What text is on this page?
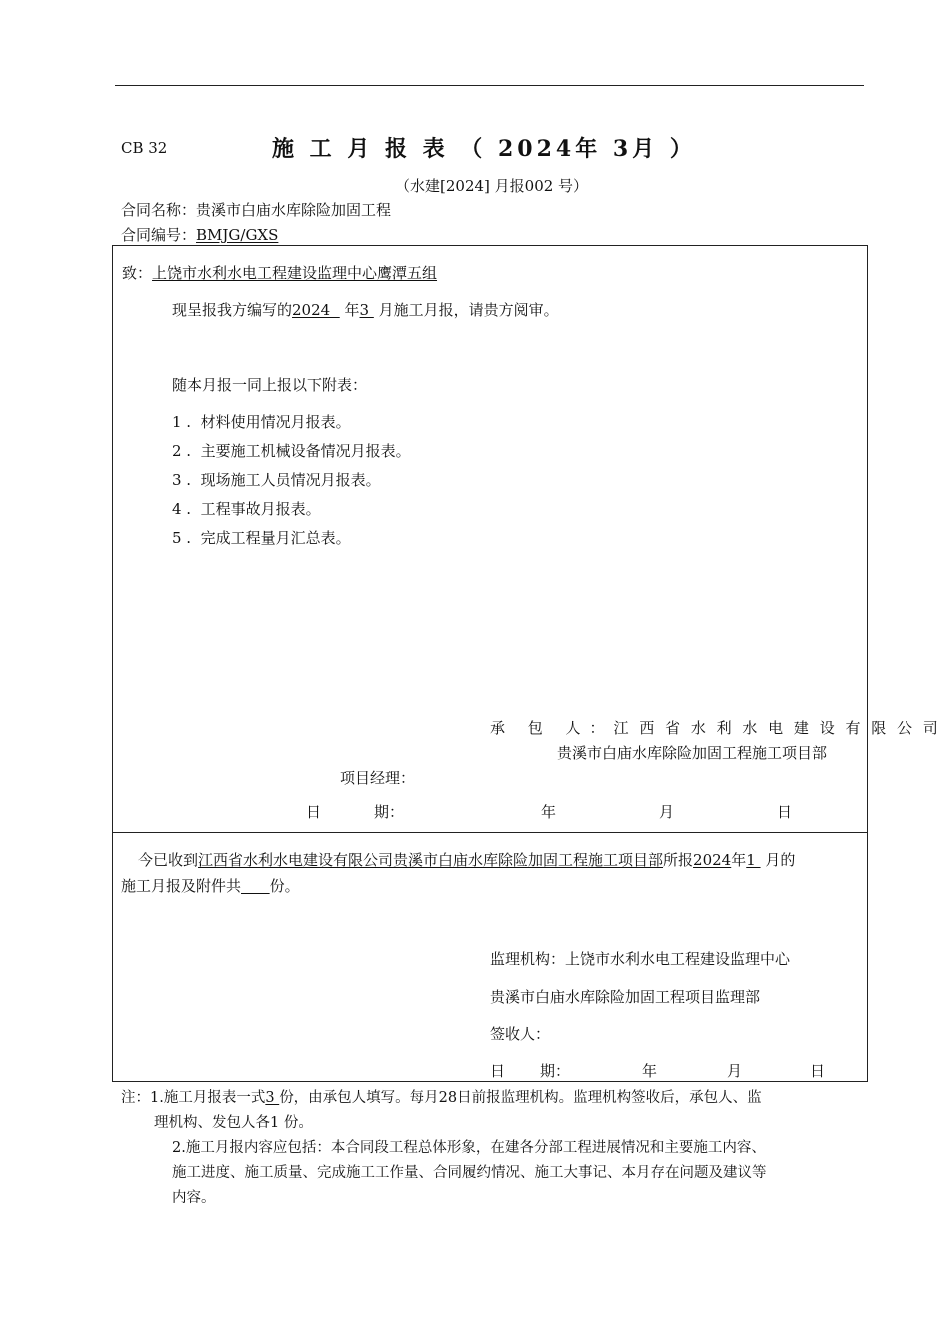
CB 32	施 工 月 报 表 （ 2024年 3月 ）
（水建[2024] 月报002 号）
合同名称：贵溪市白庙水库除险加固工程
合同编号：BMJG/GXS
致：上饶市水利水电工程建设监理中心鹰潭五组
现呈报我方编写的2024   年3  月施工月报，请贵方阅审。
随本月报一同上报以下附表：
1 .  材料使用情况月报表。
2 .  主要施工机械设备情况月报表。
3 .  现场施工人员情况月报表。
4 .  工程事故月报表。
5 .  完成工程量月汇总表。
承 包 人：江 西 省 水 利 水 电 建 设 有 限 公 司
贵溪市白庙水库除险加固工程施工项目部
项目经理：
日	期：	年	月	日
今已收到江西省水利水电建设有限公司贵溪市白庙水库除险加固工程施工项目部所报2024年1  月的
施工月报及附件共 份。
监理机构：上饶市水利水电工程建设监理中心
贵溪市白庙水库除险加固工程项目监理部
签收人：
日 期：	年	月	日
注：1.施工月报表一式3 份，由承包人填写。每月28日前报监理机构。监理机构签收后，承包人、监
理机构、发包人各1 份。
2.施工月报内容应包括：本合同段工程总体形象，在建各分部工程进展情况和主要施工内容、
施工进度、施工质量、完成施工工作量、合同履约情况、施工大事记、本月存在问题及建议等
内容。
